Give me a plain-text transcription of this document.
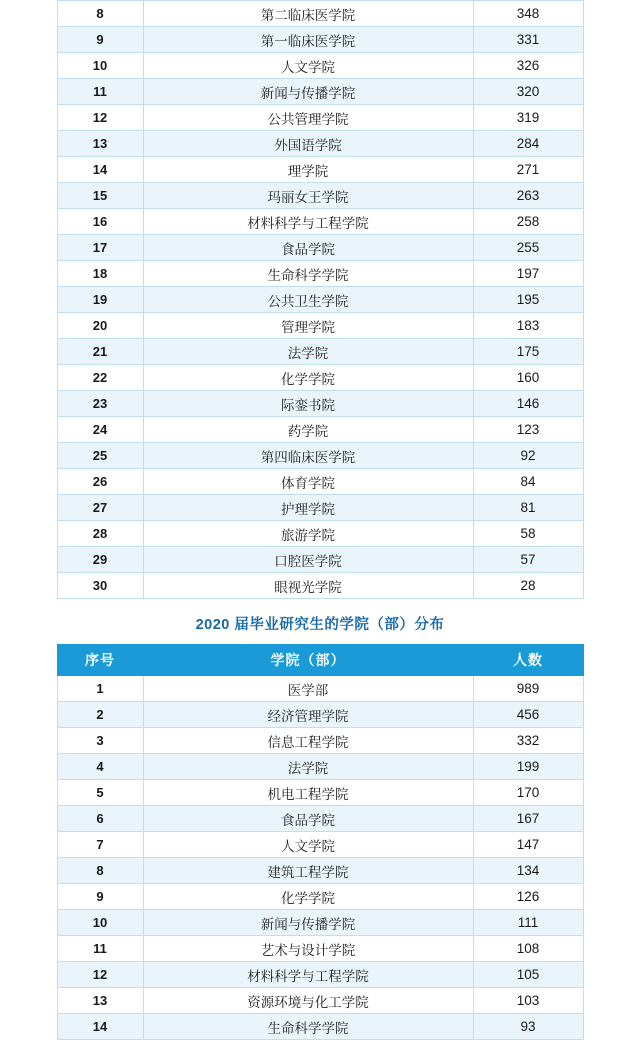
8	第二临床医学院	348
9	第一临床医学院	331
10	人文学院	326
11	新闻与传播学院	320
12	公共管理学院	319
13	外国语学院	284
14	理学院	271
15	玛丽女王学院	263
16	材料科学与工程学院	258
17	食品学院	255
18	生命科学学院	197
19	公共卫生学院	195
20	管理学院	183
21	法学院	175
22	化学学院	160
23	际銮书院	146
24	药学院	123
25	第四临床医学院	92
26	体育学院	84
27	护理学院	81
28	旅游学院	58
29	口腔医学院	57
30	眼视光学院	28
2020 届毕业研究生的学院（部）分布
序号	学院（部）	人数
1	医学部	989
2	经济管理学院	456
3	信息工程学院	332
4	法学院	199
5	机电工程学院	170
6	食品学院	167
7	人文学院	147
8	建筑工程学院	134
9	化学学院	126
10	新闻与传播学院	111
11	艺术与设计学院	108
12	材料科学与工程学院	105
13	资源环境与化工学院	103
14	生命科学学院	93
